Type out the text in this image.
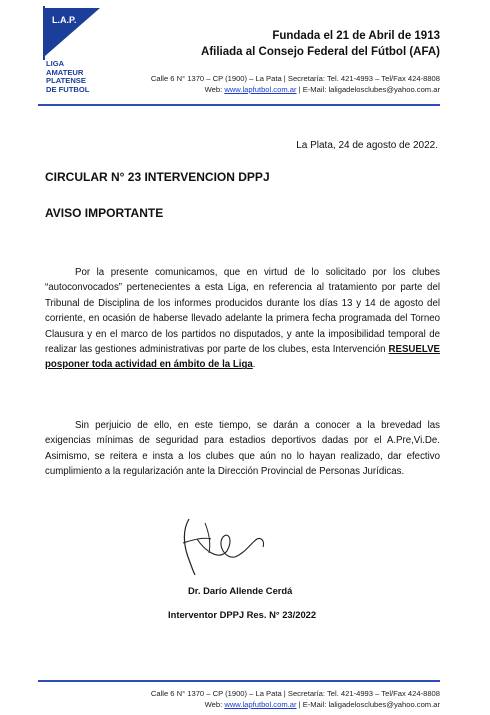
L.A.P.
LIGA
AMATEUR
PLATENSE
DE FUTBOL
Fundada el 21 de Abril de 1913
Afiliada al Consejo Federal del Fútbol (AFA)
Calle 6 N° 1370 – CP (1900) – La Pata | Secretaría: Tel. 421-4993 – Tel/Fax 424-8808
Web: www.lapfutbol.com.ar | E-Mail: laligadelosclubes@yahoo.com.ar
La Plata, 24 de agosto de 2022.
CIRCULAR N° 23 INTERVENCION DPPJ
AVISO IMPORTANTE
Por la presente comunicamos, que en virtud de lo solicitado por los clubes “autoconvocados” pertenecientes a esta Liga, en referencia al tratamiento por parte del Tribunal de Disciplina de los informes producidos durante los días 13 y 14 de agosto del corriente, en ocasión de haberse llevado adelante la primera fecha programada del Torneo Clausura y en el marco de los partidos no disputados, y ante la imposibilidad temporal de realizar las gestiones administrativas por parte de los clubes, esta Intervención RESUELVE posponer toda actividad en ámbito de la Liga.
Sin perjuicio de ello, en este tiempo, se darán a conocer a la brevedad las exigencias mínimas de seguridad para estadios deportivos dadas por el A.Pre,Vi.De. Asimismo, se reitera e insta a los clubes que aún no lo hayan realizado, dar efectivo cumplimiento a la regularización ante la Dirección Provincial de Personas Jurídicas.
Dr. Darío Allende Cerdá
Interventor DPPJ Res. N° 23/2022
Calle 6 N° 1370 – CP (1900) – La Pata | Secretaría: Tel. 421-4993 – Tel/Fax 424-8808
Web: www.lapfutbol.com.ar | E-Mail: laligadelosclubes@yahoo.com.ar
